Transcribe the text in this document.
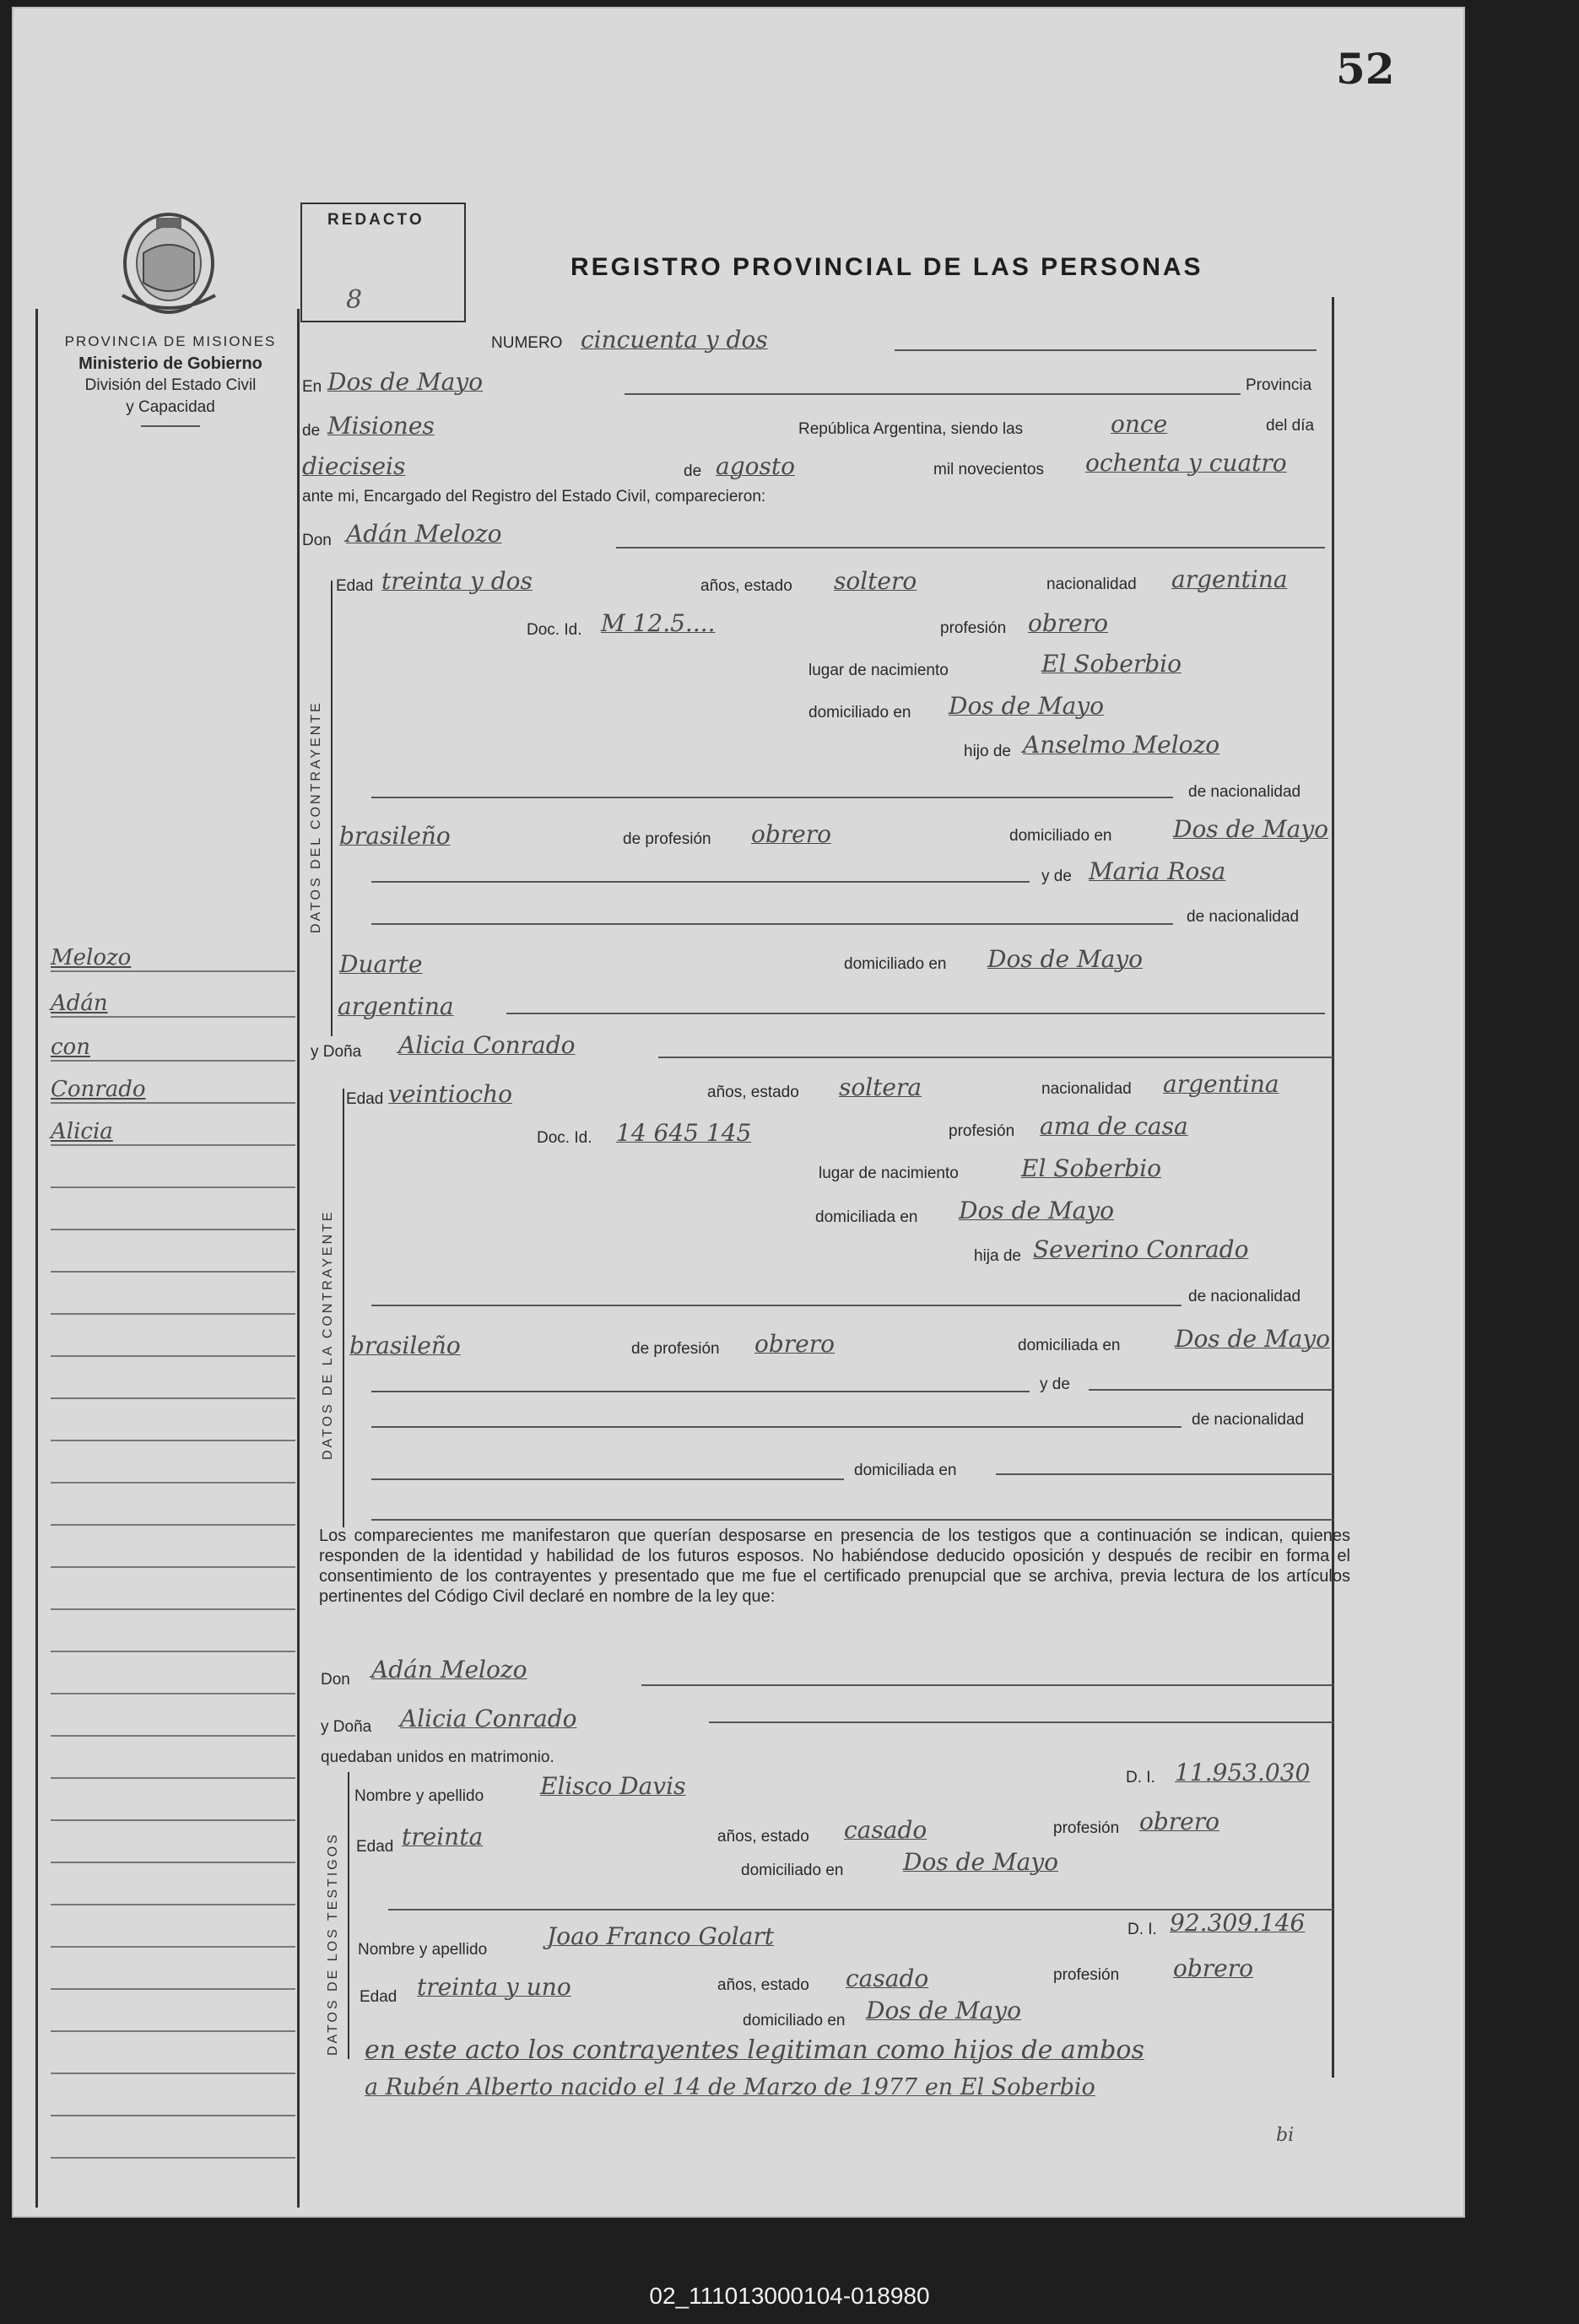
52
PROVINCIA DE MISIONES
Ministerio de Gobierno
División del Estado Civil
y Capacidad
REDACTO
8
REGISTRO PROVINCIAL DE LAS PERSONAS
NUMERO cincuenta y dos
En Dos de Mayo	Provincia
de Misiones	República Argentina, siendo las	once	del día
dieciseis	de agosto	mil novecientos ochenta y cuatro
ante mi, Encargado del Registro del Estado Civil, comparecieron:
Don Adán Melozo
DATOS DEL CONTRAYENTE
Edad treinta y dos	años, estado soltero	nacionalidad argentina
Doc. Id. M 12.5....	profesión obrero
lugar de nacimiento	El Soberbio
domiciliado en Dos de Mayo
hijo de Anselmo Melozo
de nacionalidad
brasileño	de profesión obrero	domiciliado en	Dos de Mayo
y de Maria Rosa
de nacionalidad
Duarte	domiciliado en Dos de Mayo
argentina
y Doña Alicia Conrado
DATOS DE LA CONTRAYENTE
Edad veintiocho	años, estado soltera	nacionalidad argentina
Doc. Id. 14 645 145	profesión ama de casa
lugar de nacimiento	El Soberbio
domiciliada en Dos de Mayo
hija de Severino Conrado
de nacionalidad
brasileño	de profesión obrero	domiciliada en Dos de Mayo
y de
de nacionalidad
domiciliada en
Los comparecientes me manifestaron que querían desposarse en presencia de los testigos que a continuación se indican, quienes responden de la identidad y habilidad de los futuros esposos. No habiéndose deducido oposición y después de recibir en forma el consentimiento de los contrayentes y presentado que me fue el certificado prenupcial que se archiva, previa lectura de los artículos pertinentes del Código Civil declaré en nombre de la ley que:
Don Adán Melozo
y Doña Alicia Conrado
quedaban unidos en matrimonio.
DATOS DE LOS TESTIGOS
Nombre y apellido Elisco Davis	D. I. 11.953.030
Edad treinta	años, estado casado	profesión obrero
domiciliado en	Dos de Mayo
Nombre y apellido	Joao Franco Golart	D. I. 92.309.146
Edad treinta y uno	años, estado casado	profesión obrero
domiciliado en Dos de Mayo
en este acto los contrayentes legitiman como hijos de ambos
a Rubén Alberto nacido el 14 de Marzo de 1977 en El Soberbio
Melozo
Adán
con
Conrado
Alicia
bi
02_111013000104-018980
